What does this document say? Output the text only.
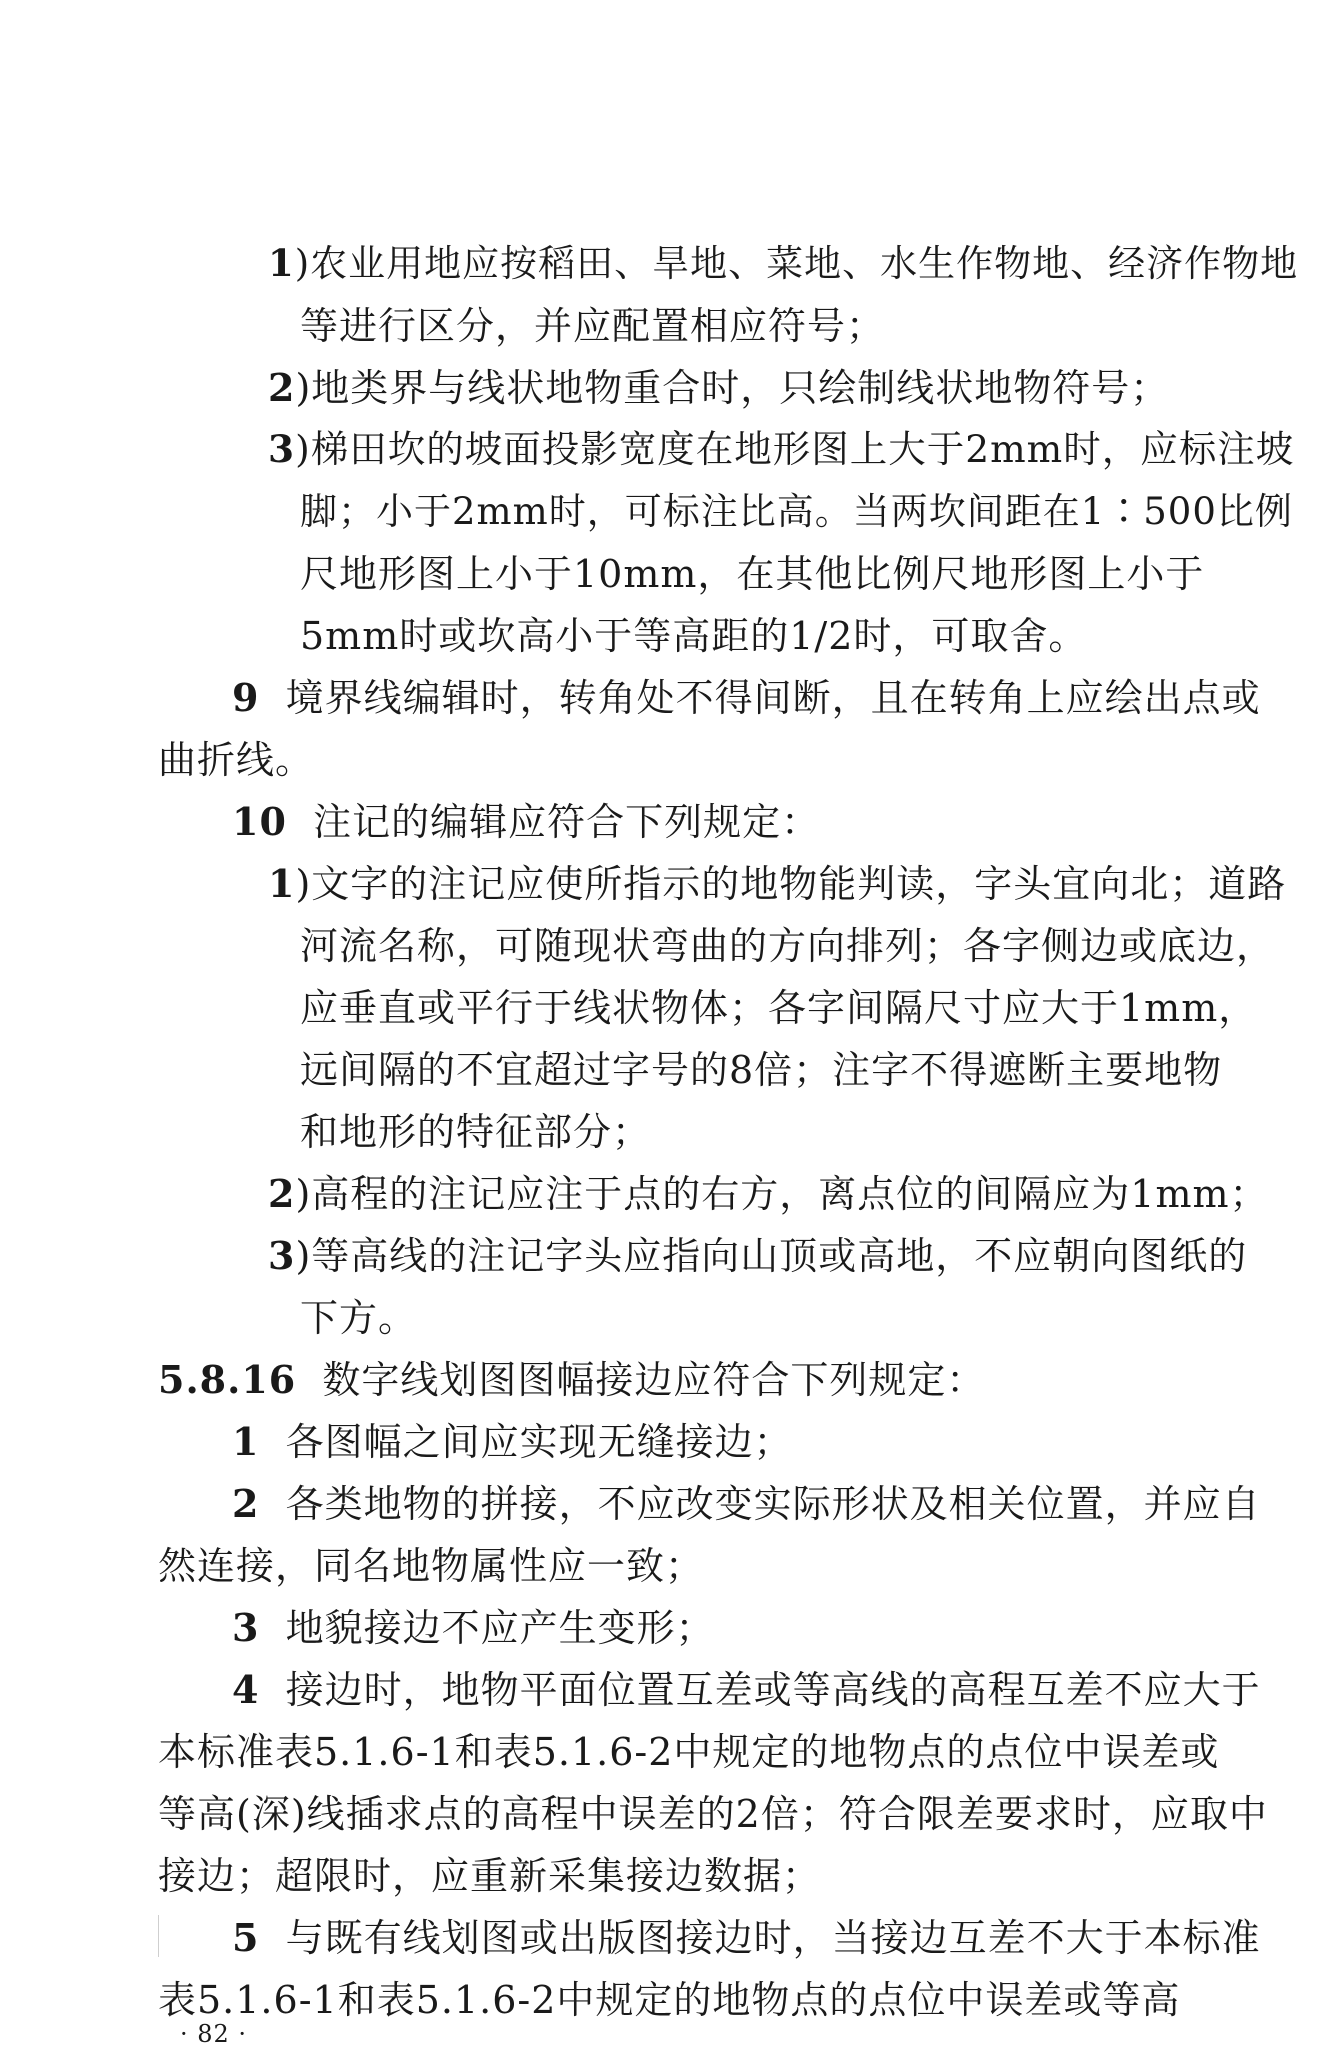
1)农业用地应按稻田、旱地、菜地、水生作物地、经济作物地
等进行区分，并应配置相应符号；
2)地类界与线状地物重合时，只绘制线状地物符号；
3)梯田坎的坡面投影宽度在地形图上大于2mm时，应标注坡
脚；小于2mm时，可标注比高。当两坎间距在1∶500比例
尺地形图上小于10mm，在其他比例尺地形图上小于
5mm时或坎高小于等高距的1/2时，可取舍。
9 境界线编辑时，转角处不得间断，且在转角上应绘出点或
曲折线。
10 注记的编辑应符合下列规定：
1)文字的注记应使所指示的地物能判读，字头宜向北；道路
河流名称，可随现状弯曲的方向排列；各字侧边或底边，
应垂直或平行于线状物体；各字间隔尺寸应大于1mm，
远间隔的不宜超过字号的8倍；注字不得遮断主要地物
和地形的特征部分；
2)高程的注记应注于点的右方，离点位的间隔应为1mm；
3)等高线的注记字头应指向山顶或高地，不应朝向图纸的
下方。
5.8.16 数字线划图图幅接边应符合下列规定：
1 各图幅之间应实现无缝接边；
2 各类地物的拼接，不应改变实际形状及相关位置，并应自
然连接，同名地物属性应一致；
3 地貌接边不应产生变形；
4 接边时，地物平面位置互差或等高线的高程互差不应大于
本标准表5.1.6-1和表5.1.6-2中规定的地物点的点位中误差或
等高(深)线插求点的高程中误差的2倍；符合限差要求时，应取中
接边；超限时，应重新采集接边数据；
5 与既有线划图或出版图接边时，当接边互差不大于本标准
表5.1.6-1和表5.1.6-2中规定的地物点的点位中误差或等高
· 82 ·
